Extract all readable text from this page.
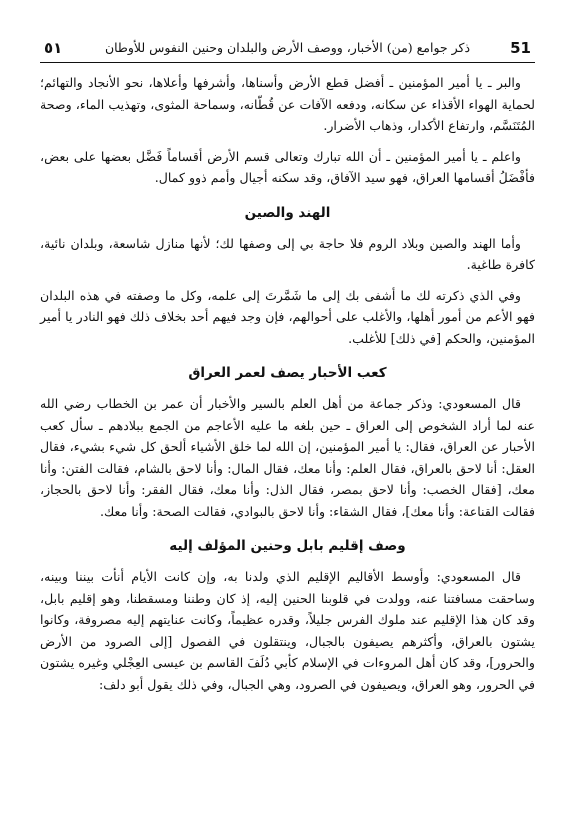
51
ذكر جوامع (من) الأخبار، ووصف الأرض والبلدان وحنين النفوس للأوطان
٥١

والبر ـ يا أمير المؤمنين ـ أفضل قطع الأرض وأسناها، وأشرفها وأعلاها، نحو الأنجاد والتهائم؛ لحماية الهواء الأقذاء عن سكانه، ودفعه الآفات عن قُطّانه، وسماحة المثوى، وتهذيب الماء، وصحة المُتَنَسَّم، وارتفاع الأكدار، وذهاب الأضرار.

واعلم ـ يا أمير المؤمنين ـ أن الله تبارك وتعالى قسم الأرض أقساماً فَضَّل بعضها على بعض، فأفْضَلُ أقسامها العراق، فهو سيد الآفاق، وقد سكنه أجيال وأمم ذوو كمال.

الهند والصين

وأما الهند والصين وبلاد الروم فلا حاجة بي إلى وصفها لك؛ لأنها منازل شاسعة، وبلدان نائية، كافرة طاغية.

وفي الذي ذكرته لك ما أشفى بك إلى ما شَمَّرتَ إلى علمه، وكل ما وصفته في هذه البلدان فهو الأعم من أمور أهلها، والأغلب على أحوالهم، فإن وجد فيهم أحد بخلاف ذلك فهو النادر يا أمير المؤمنين، والحكم [في ذلك] للأغلب.

كعب الأحبار يصف لعمر العراق

قال المسعودي: وذكر جماعة من أهل العلم بالسير والأخبار أن عمر بن الخطاب رضي الله عنه لما أراد الشخوص إلى العراق ـ حين بلغه ما عليه الأعاجم من الجمع ببلادهم ـ سأل كعب الأحبار عن العراق، فقال: يا أمير المؤمنين، إن الله لما خلق الأشياء ألحق كل شيء بشيء، فقال العقل: أنا لاحق بالعراق، فقال العلم: وأنا معك، فقال المال: وأنا لاحق بالشام، فقالت الفتن: وأنا معك، [فقال الخصب: وأنا لاحق بمصر، فقال الذل: وأنا معك، فقال الفقر: وأنا لاحق بالحجاز، فقالت القناعة: وأنا معك]، فقال الشقاء: وأنا لاحق بالبوادي، فقالت الصحة: وأنا معك.

وصف إقليم بابل وحنين المؤلف إليه

قال المسعودي: وأوسط الأقاليم الإقليم الذي ولدنا به، وإن كانت الأيام أنأت بيننا وبينه، وساحقت مسافتنا عنه، وولدت في قلوبنا الحنين إليه، إذ كان وطننا ومسقطنا، وهو إقليم بابل، وقد كان هذا الإقليم عند ملوك الفرس جليلاً، وقدره عظيماً، وكانت عنايتهم إليه مصروفة، وكانوا يشتون بالعراق، وأكثرهم يصيفون بالجبال، وينتقلون في الفصول [إلى الصرود من الأرض والحرور]، وقد كان أهل المروءات في الإسلام كأبي دُلَفَ القاسم بن عيسى العِجْلي وغيره يشتون في الحرور، وهو العراق، ويصيفون في الصرود، وهي الجبال، وفي ذلك يقول أبو دلف:
